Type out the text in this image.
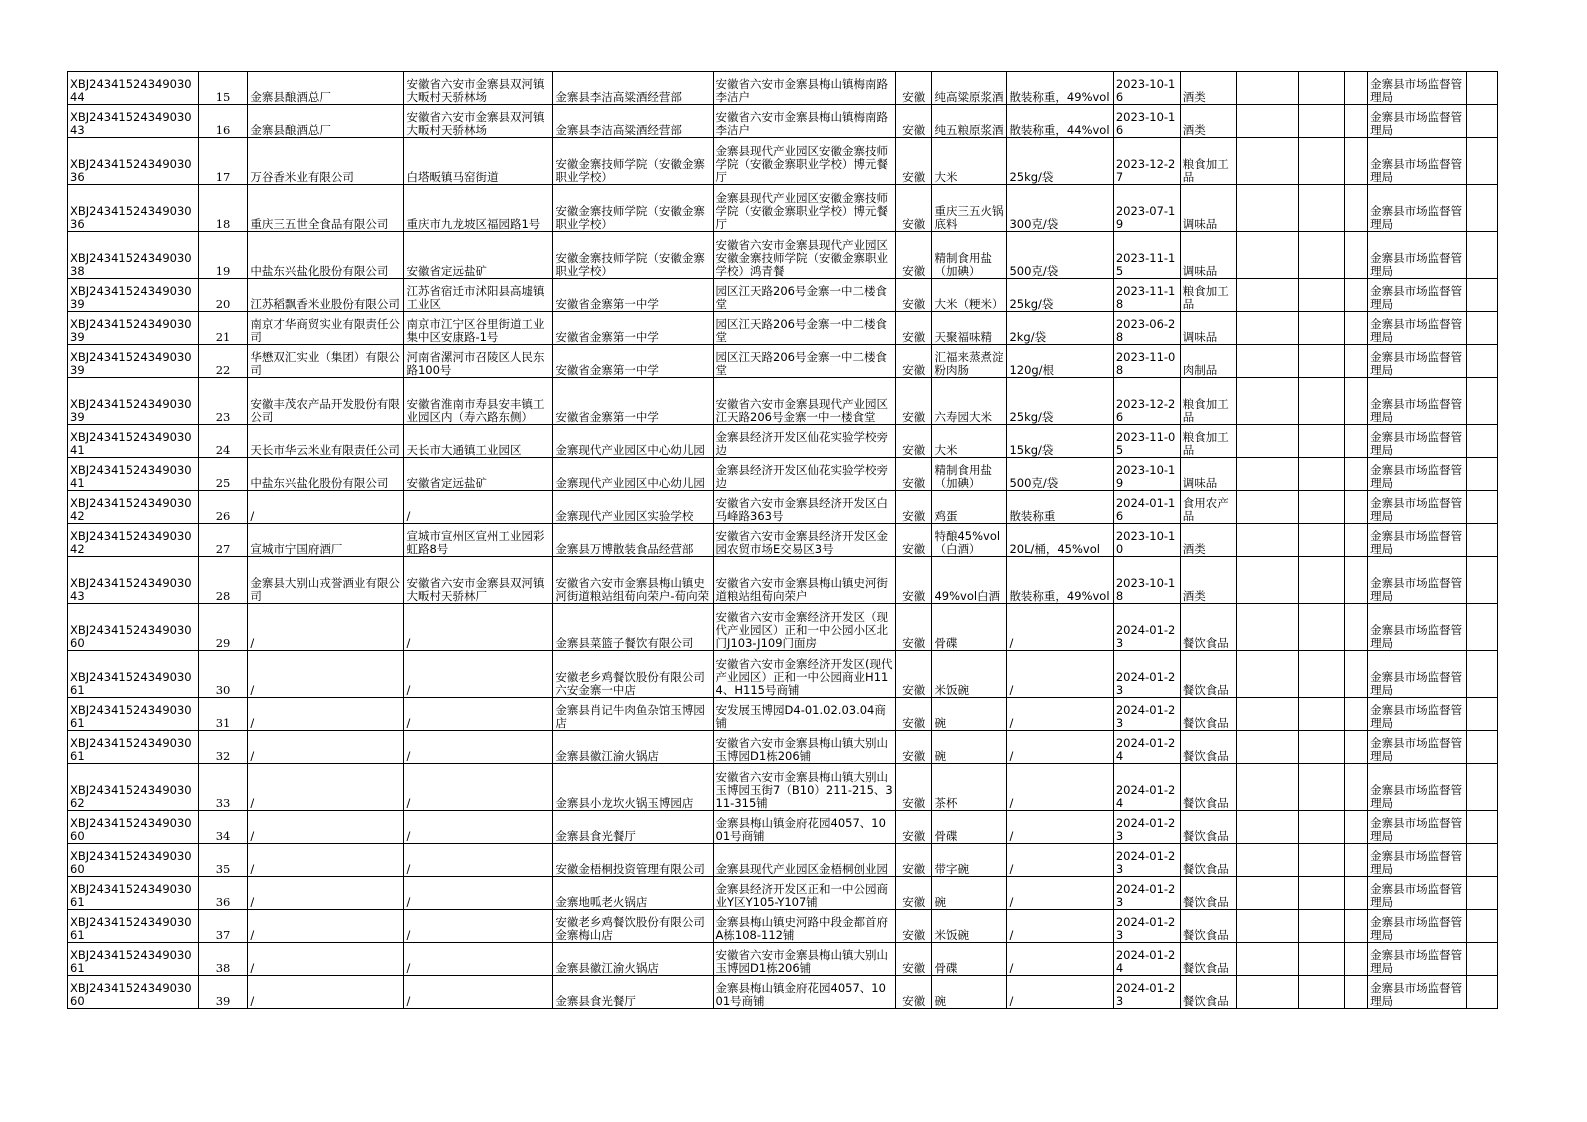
XBJ2434152434903044	15	金寨县酿酒总厂	安徽省六安市金寨县双河镇大畈村天骄林场	金寨县李洁高粱酒经营部	安徽省六安市金寨县梅山镇梅南路李洁户	安徽	纯高粱原浆酒	散装称重，49%vol	2023-10-16	酒类				金寨县市场监督管理局	
XBJ2434152434903043	16	金寨县酿酒总厂	安徽省六安市金寨县双河镇大畈村天骄林场	金寨县李洁高粱酒经营部	安徽省六安市金寨县梅山镇梅南路李洁户	安徽	纯五粮原浆酒	散装称重，44%vol	2023-10-16	酒类				金寨县市场监督管理局	
XBJ2434152434903036	17	万谷香米业有限公司	白塔畈镇马窑街道	安徽金寨技师学院（安徽金寨职业学校）	金寨县现代产业园区安徽金寨技师学院（安徽金寨职业学校）博元餐厅	安徽	大米	25kg/袋	2023-12-27	粮食加工品				金寨县市场监督管理局	
XBJ2434152434903036	18	重庆三五世全食品有限公司	重庆市九龙坡区福园路1号	安徽金寨技师学院（安徽金寨职业学校）	金寨县现代产业园区安徽金寨技师学院（安徽金寨职业学校）博元餐厅	安徽	重庆三五火锅底料	300克/袋	2023-07-19	调味品				金寨县市场监督管理局	
XBJ2434152434903038	19	中盐东兴盐化股份有限公司	安徽省定远盐矿	安徽金寨技师学院（安徽金寨职业学校）	安徽省六安市金寨县现代产业园区安徽金寨技师学院（安徽金寨职业学校）鸿青餐	安徽	精制食用盐（加碘）	500克/袋	2023-11-15	调味品				金寨县市场监督管理局	
XBJ2434152434903039	20	江苏稻飘香米业股份有限公司	江苏省宿迁市沭阳县高墟镇工业区	安徽省金寨第一中学	园区江天路206号金寨一中二楼食堂	安徽	大米（粳米）	25kg/袋	2023-11-18	粮食加工品				金寨县市场监督管理局	
XBJ2434152434903039	21	南京才华商贸实业有限责任公司	南京市江宁区谷里街道工业集中区安康路-1号	安徽省金寨第一中学	园区江天路206号金寨一中二楼食堂	安徽	天聚福味精	2kg/袋	2023-06-28	调味品				金寨县市场监督管理局	
XBJ2434152434903039	22	华懋双汇实业（集团）有限公司	河南省漯河市召陵区人民东路100号	安徽省金寨第一中学	园区江天路206号金寨一中二楼食堂	安徽	汇福来蒸煮淀粉肉肠	120g/根	2023-11-08	肉制品				金寨县市场监督管理局	
XBJ2434152434903039	23	安徽丰茂农产品开发股份有限公司	安徽省淮南市寿县安丰镇工业园区内（寿六路东侧）	安徽省金寨第一中学	安徽省六安市金寨县现代产业园区江天路206号金寨一中一楼食堂	安徽	六寿园大米	25kg/袋	2023-12-26	粮食加工品				金寨县市场监督管理局	
XBJ2434152434903041	24	天长市华云米业有限责任公司	天长市大通镇工业园区	金寨现代产业园区中心幼儿园	金寨县经济开发区仙花实验学校旁边	安徽	大米	15kg/袋	2023-11-05	粮食加工品				金寨县市场监督管理局	
XBJ2434152434903041	25	中盐东兴盐化股份有限公司	安徽省定远盐矿	金寨现代产业园区中心幼儿园	金寨县经济开发区仙花实验学校旁边	安徽	精制食用盐（加碘）	500克/袋	2023-10-19	调味品				金寨县市场监督管理局	
XBJ2434152434903042	26	/	/	金寨现代产业园区实验学校	安徽省六安市金寨县经济开发区白马峰路363号	安徽	鸡蛋	散装称重	2024-01-16	食用农产品				金寨县市场监督管理局	
XBJ2434152434903042	27	宣城市宁国府酒厂	宣城市宣州区宣州工业园彩虹路8号	金寨县万博散装食品经营部	安徽省六安市金寨县经济开发区金园农贸市场E交易区3号	安徽	特酿45%vol（白酒）	20L/桶，45%vol	2023-10-10	酒类				金寨县市场监督管理局	
XBJ2434152434903043	28	金寨县大别山戎誉酒业有限公司	安徽省六安市金寨县双河镇大畈村天骄林厂	安徽省六安市金寨县梅山镇史河街道粮站组荀向荣户-荀向荣	安徽省六安市金寨县梅山镇史河街道粮站组荀向荣户	安徽	49%vol白酒	散装称重，49%vol	2023-10-18	酒类				金寨县市场监督管理局	
XBJ2434152434903060	29	/	/	金寨县菜篮子餐饮有限公司	安徽省六安市金寨经济开发区（现代产业园区）正和一中公园小区北门J103-J109门面房	安徽	骨碟	/	2024-01-23	餐饮食品				金寨县市场监督管理局	
XBJ2434152434903061	30	/	/	安徽老乡鸡餐饮股份有限公司六安金寨一中店	安徽省六安市金寨经济开发区(现代产业园区）正和一中公园商业H114、H115号商铺	安徽	米饭碗	/	2024-01-23	餐饮食品				金寨县市场监督管理局	
XBJ2434152434903061	31	/	/	金寨县肖记牛肉鱼杂馆玉博园店	安发展玉博园D4-01.02.03.04商铺	安徽	碗	/	2024-01-23	餐饮食品				金寨县市场监督管理局	
XBJ2434152434903061	32	/	/	金寨县徽江渝火锅店	安徽省六安市金寨县梅山镇大别山玉博园D1栋206铺	安徽	碗	/	2024-01-24	餐饮食品				金寨县市场监督管理局	
XBJ2434152434903062	33	/	/	金寨县小龙坎火锅玉博园店	安徽省六安市金寨县梅山镇大别山玉博园玉街7（B10）211-215、311-315铺	安徽	茶杯	/	2024-01-24	餐饮食品				金寨县市场监督管理局	
XBJ2434152434903060	34	/	/	金寨县食光餐厅	金寨县梅山镇金府花园4057、1001号商铺	安徽	骨碟	/	2024-01-23	餐饮食品				金寨县市场监督管理局	
XBJ2434152434903060	35	/	/	安徽金梧桐投资管理有限公司	金寨县现代产业园区金梧桐创业园	安徽	带字碗	/	2024-01-23	餐饮食品				金寨县市场监督管理局	
XBJ2434152434903061	36	/	/	金寨地呱老火锅店	金寨县经济开发区正和一中公园商业Y区Y105-Y107铺	安徽	碗	/	2024-01-23	餐饮食品				金寨县市场监督管理局	
XBJ2434152434903061	37	/	/	安徽老乡鸡餐饮股份有限公司金寨梅山店	金寨县梅山镇史河路中段金都首府A栋108-112铺	安徽	米饭碗	/	2024-01-23	餐饮食品				金寨县市场监督管理局	
XBJ2434152434903061	38	/	/	金寨县徽江渝火锅店	安徽省六安市金寨县梅山镇大别山玉博园D1栋206铺	安徽	骨碟	/	2024-01-24	餐饮食品				金寨县市场监督管理局	
XBJ2434152434903060	39	/	/	金寨县食光餐厅	金寨县梅山镇金府花园4057、1001号商铺	安徽	碗	/	2024-01-23	餐饮食品				金寨县市场监督管理局	
